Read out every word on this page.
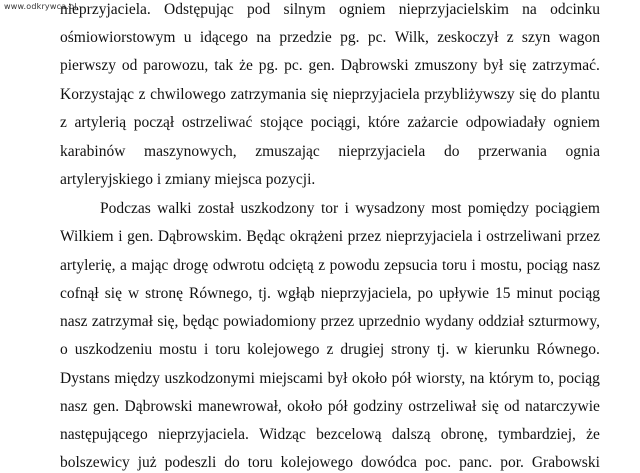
www.odkrywca.pl
nieprzyjaciela. Odstępując pod silnym ogniem nieprzyjacielskim na odcinku
ośmiowiorstowym u idącego na przedzie pg. pc. Wilk, zeskoczył z szyn wagon
pierwszy od parowozu, tak że pg. pc. gen. Dąbrowski zmuszony był się zatrzymać.
Korzystając z chwilowego zatrzymania się nieprzyjaciela przybliżywszy się do plantu
z artylerią począł ostrzeliwać stojące pociągi, które zażarcie odpowiadały ogniem
karabinów maszynowych, zmuszając nieprzyjaciela do przerwania ognia
artyleryjskiego i zmiany miejsca pozycji.
Podczas walki został uszkodzony tor i wysadzony most pomiędzy pociągiem
Wilkiem i gen. Dąbrowskim. Będąc okrążeni przez nieprzyjaciela i ostrzeliwani przez
artylerię, a mając drogę odwrotu odciętą z powodu zepsucia toru i mostu, pociąg nasz
cofnął się w stronę Równego, tj. wgłąb nieprzyjaciela, po upływie 15 minut pociąg
nasz zatrzymał się, będąc powiadomiony przez uprzednio wydany oddział szturmowy,
o uszkodzeniu mostu i toru kolejowego z drugiej strony tj. w kierunku Równego.
Dystans między uszkodzonymi miejscami był około pół wiorsty, na którym to, pociąg
nasz gen. Dąbrowski manewrował, około pół godziny ostrzeliwał się od natarczywie
następującego nieprzyjaciela. Widząc bezcelową dalszą obronę, tymbardziej, że
bolszewicy już podeszli do toru kolejowego dowódca poc. panc. por. Grabowski
